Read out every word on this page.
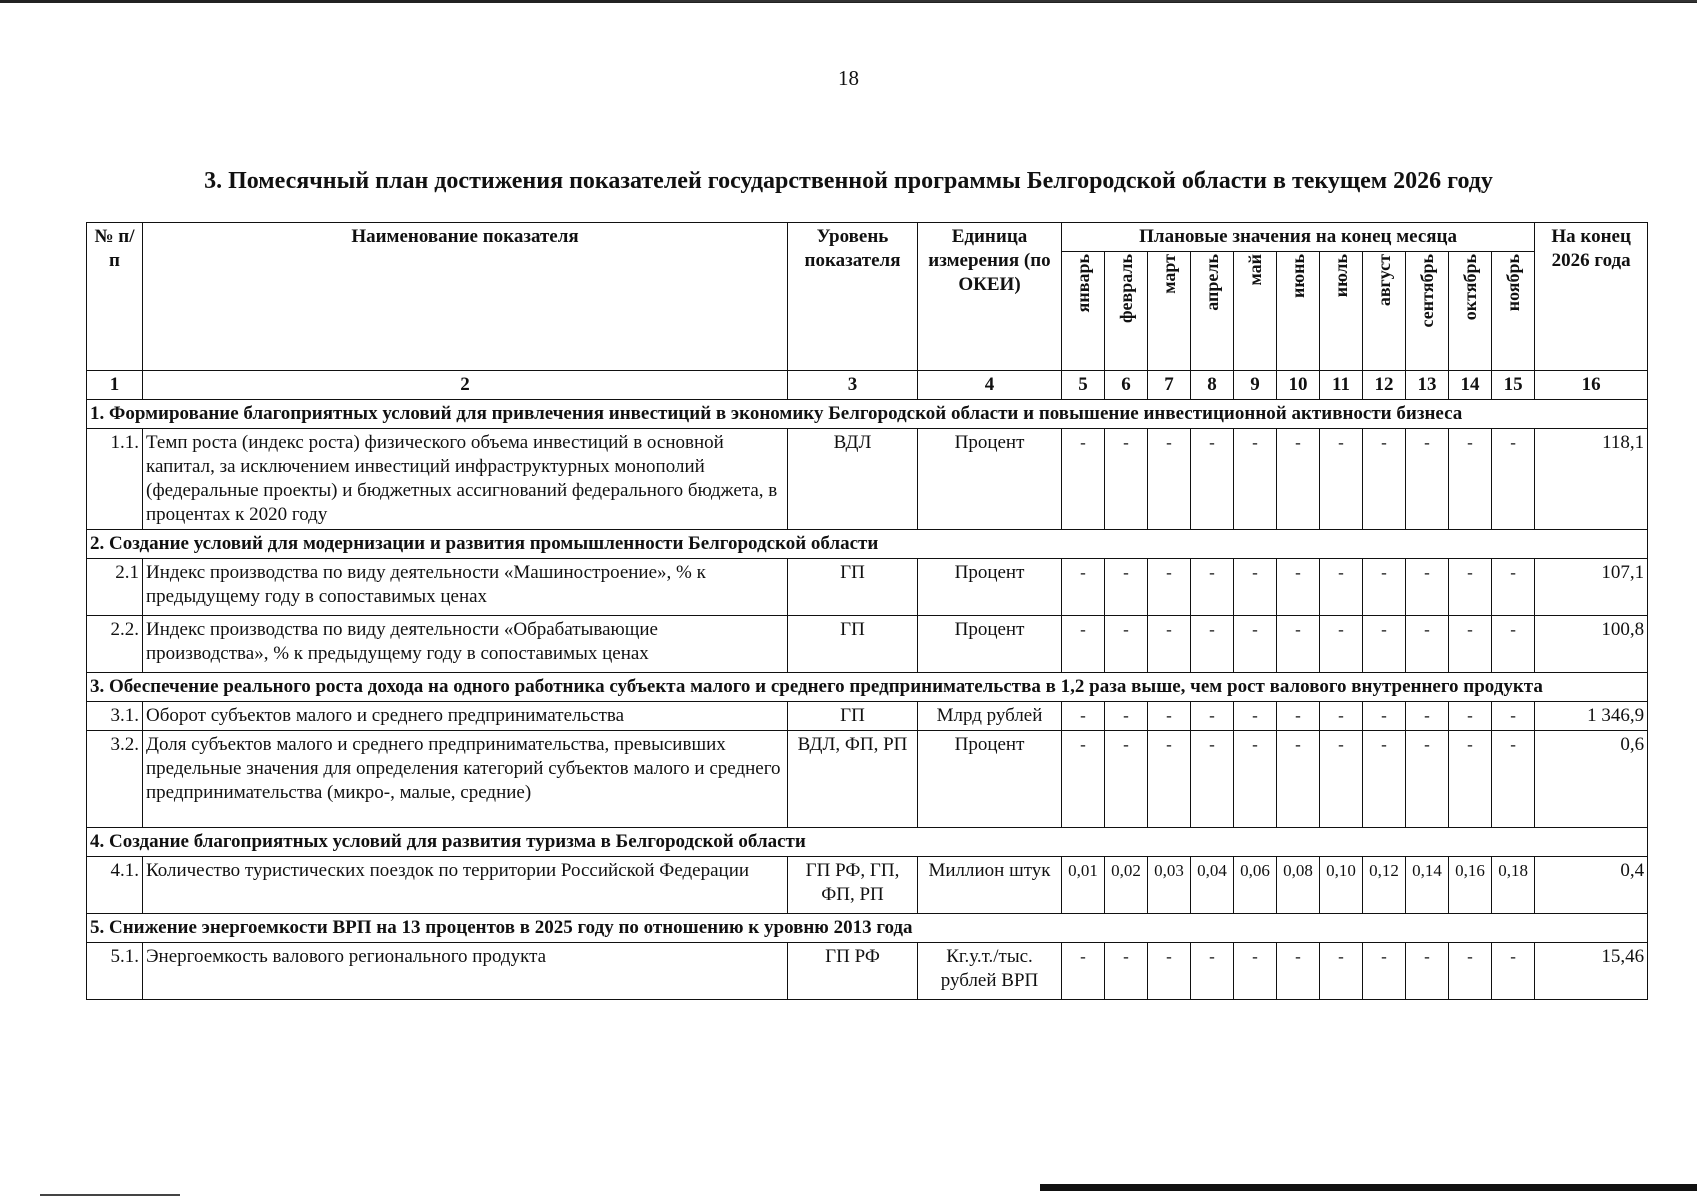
18
3. Помесячный план достижения показателей государственной программы Белгородской области в текущем 2026 году
№ п/п	Наименование показателя	Уровень показателя	Единица измерения (по ОКЕИ)	Плановые значения на конец месяца											На конец 2026 года
				январь	февраль	март	апрель	май	июнь	июль	август	сентябрь	октябрь	ноябрь	
1	2	3	4	5	6	7	8	9	10	11	12	13	14	15	16
1. Формирование благоприятных условий для привлечения инвестиций в экономику Белгородской области и повышение инвестиционной активности бизнеса															
1.1.	Темп роста (индекс роста) физического объема инвестиций в основной капитал, за исключением инвестиций инфраструктурных монополий (федеральные проекты) и бюджетных ассигнований федерального бюджета, в процентах к 2020 году	ВДЛ	Процент	-	-	-	-	-	-	-	-	-	-	-	118,1
2. Создание условий для модернизации и развития промышленности Белгородской области															
2.1	Индекс производства по виду деятельности «Машиностроение», % к предыдущему году в сопоставимых ценах	ГП	Процент	-	-	-	-	-	-	-	-	-	-	-	107,1
2.2.	Индекс производства по виду деятельности «Обрабатывающие производства», % к предыдущему году в сопоставимых ценах	ГП	Процент	-	-	-	-	-	-	-	-	-	-	-	100,8
3. Обеспечение реального роста дохода на одного работника субъекта малого и среднего предпринимательства в 1,2 раза выше, чем рост валового внутреннего продукта															
3.1.	Оборот субъектов малого и среднего предпринимательства	ГП	Млрд рублей	-	-	-	-	-	-	-	-	-	-	-	1 346,9
3.2.	Доля субъектов малого и среднего предпринимательства, превысивших предельные значения для определения категорий субъектов малого и среднего предпринимательства (микро-, малые, средние)	ВДЛ, ФП, РП	Процент	-	-	-	-	-	-	-	-	-	-	-	0,6
4. Создание благоприятных условий для развития туризма в Белгородской области															
4.1.	Количество туристических поездок по территории Российской Федерации	ГП РФ, ГП, ФП, РП	Миллион штук	0,01	0,02	0,03	0,04	0,06	0,08	0,10	0,12	0,14	0,16	0,18	0,4
5. Снижение энергоемкости ВРП на 13 процентов в 2025 году по отношению к уровню 2013 года															
5.1.	Энергоемкость валового регионального продукта	ГП РФ	Кг.у.т./тыс. рублей ВРП	-	-	-	-	-	-	-	-	-	-	-	15,46
